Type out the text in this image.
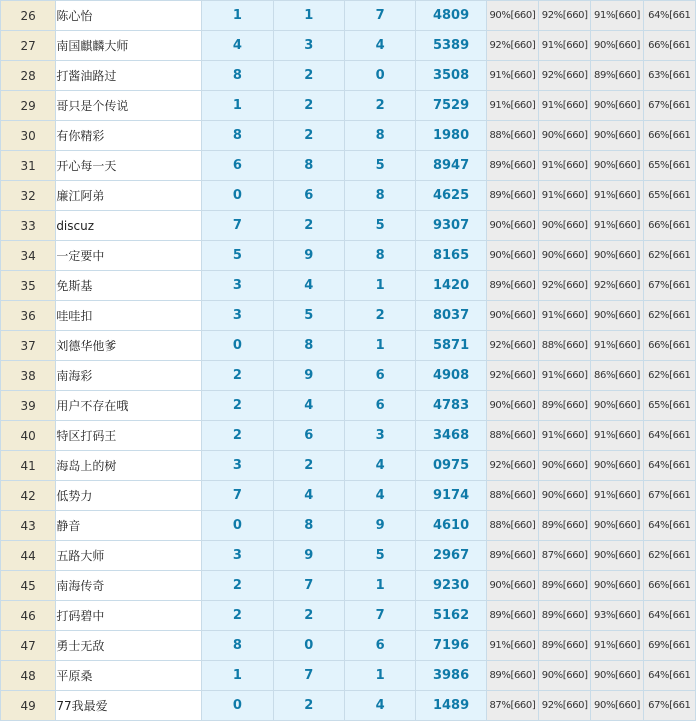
26	陈心怡	1	1	7	4809	90%[660]	92%[660]	91%[660]	64%[661
27	南国麒麟大师	4	3	4	5389	92%[660]	91%[660]	90%[660]	66%[661
28	打酱油路过	8	2	0	3508	91%[660]	92%[660]	89%[660]	63%[661
29	哥只是个传说	1	2	2	7529	91%[660]	91%[660]	90%[660]	67%[661
30	有你精彩	8	2	8	1980	88%[660]	90%[660]	90%[660]	66%[661
31	开心每一天	6	8	5	8947	89%[660]	91%[660]	90%[660]	65%[661
32	廉江阿弟	0	6	8	4625	89%[660]	91%[660]	91%[660]	65%[661
33	discuz	7	2	5	9307	90%[660]	90%[660]	91%[660]	66%[661
34	一定要中	5	9	8	8165	90%[660]	90%[660]	90%[660]	62%[661
35	免斯基	3	4	1	1420	89%[660]	92%[660]	92%[660]	67%[661
36	哇哇扣	3	5	2	8037	90%[660]	91%[660]	90%[660]	62%[661
37	刘德华他爹	0	8	1	5871	92%[660]	88%[660]	91%[660]	66%[661
38	南海彩	2	9	6	4908	92%[660]	91%[660]	86%[660]	62%[661
39	用户不存在哦	2	4	6	4783	90%[660]	89%[660]	90%[660]	65%[661
40	特区打码王	2	6	3	3468	88%[660]	91%[660]	91%[660]	64%[661
41	海岛上的树	3	2	4	0975	92%[660]	90%[660]	90%[660]	64%[661
42	低势力	7	4	4	9174	88%[660]	90%[660]	91%[660]	67%[661
43	静音	0	8	9	4610	88%[660]	89%[660]	90%[660]	64%[661
44	五路大师	3	9	5	2967	89%[660]	87%[660]	90%[660]	62%[661
45	南海传奇	2	7	1	9230	90%[660]	89%[660]	90%[660]	66%[661
46	打码碧中	2	2	7	5162	89%[660]	89%[660]	93%[660]	64%[661
47	勇士无敌	8	0	6	7196	91%[660]	89%[660]	91%[660]	69%[661
48	平原桑	1	7	1	3986	89%[660]	90%[660]	90%[660]	64%[661
49	77我最爱	0	2	4	1489	87%[660]	92%[660]	90%[660]	67%[661
